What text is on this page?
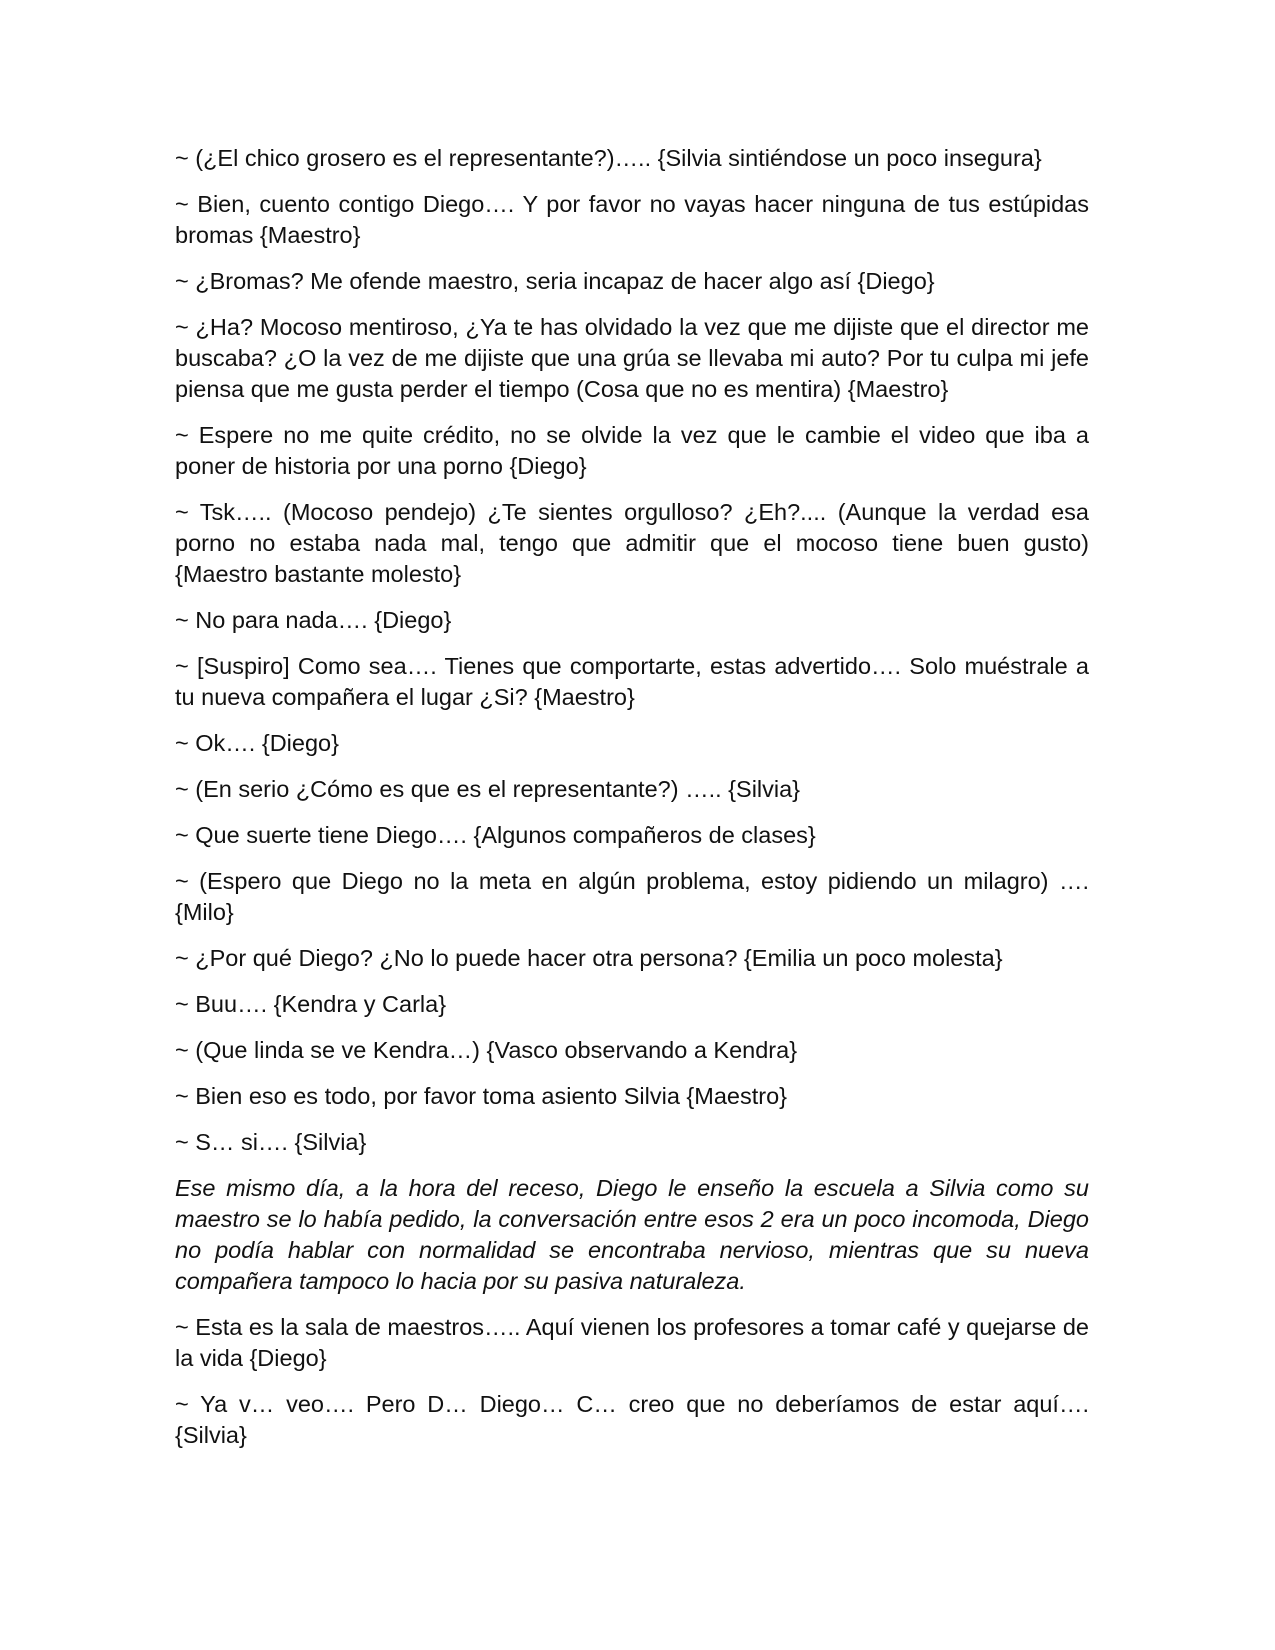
~ (¿El chico grosero es el representante?)….. {Silvia sintiéndose un poco insegura}

~ Bien, cuento contigo Diego…. Y por favor no vayas hacer ninguna de tus estúpidas bromas {Maestro}

~ ¿Bromas? Me ofende maestro, seria incapaz de hacer algo así {Diego}

~ ¿Ha? Mocoso mentiroso, ¿Ya te has olvidado la vez que me dijiste que el director me buscaba? ¿O la vez de me dijiste que una grúa se llevaba mi auto? Por tu culpa mi jefe piensa que me gusta perder el tiempo (Cosa que no es mentira) {Maestro}

~ Espere no me quite crédito, no se olvide la vez que le cambie el video que iba a poner de historia por una porno {Diego}

~ Tsk….. (Mocoso pendejo) ¿Te sientes orgulloso? ¿Eh?.... (Aunque la verdad esa porno no estaba nada mal, tengo que admitir que el mocoso tiene buen gusto) {Maestro bastante molesto}

~ No para nada…. {Diego}

~ [Suspiro] Como sea…. Tienes que comportarte, estas advertido…. Solo muéstrale a tu nueva compañera el lugar ¿Si? {Maestro}

~ Ok…. {Diego}

~ (En serio ¿Cómo es que es el representante?) ….. {Silvia}

~ Que suerte tiene Diego…. {Algunos compañeros de clases}

~ (Espero que Diego no la meta en algún problema, estoy pidiendo un milagro) …. {Milo}

~ ¿Por qué Diego? ¿No lo puede hacer otra persona? {Emilia un poco molesta}

~ Buu…. {Kendra y Carla}

~ (Que linda se ve Kendra…) {Vasco observando a Kendra}

~ Bien eso es todo, por favor toma asiento Silvia {Maestro}

~ S… si…. {Silvia}

Ese mismo día, a la hora del receso, Diego le enseño la escuela a Silvia como su maestro se lo había pedido, la conversación entre esos 2 era un poco incomoda, Diego no podía hablar con normalidad se encontraba nervioso, mientras que su nueva compañera tampoco lo hacia por su pasiva naturaleza.

~ Esta es la sala de maestros….. Aquí vienen los profesores a tomar café y quejarse de la vida {Diego}

~ Ya v… veo…. Pero D… Diego… C… creo que no deberíamos de estar aquí…. {Silvia}
